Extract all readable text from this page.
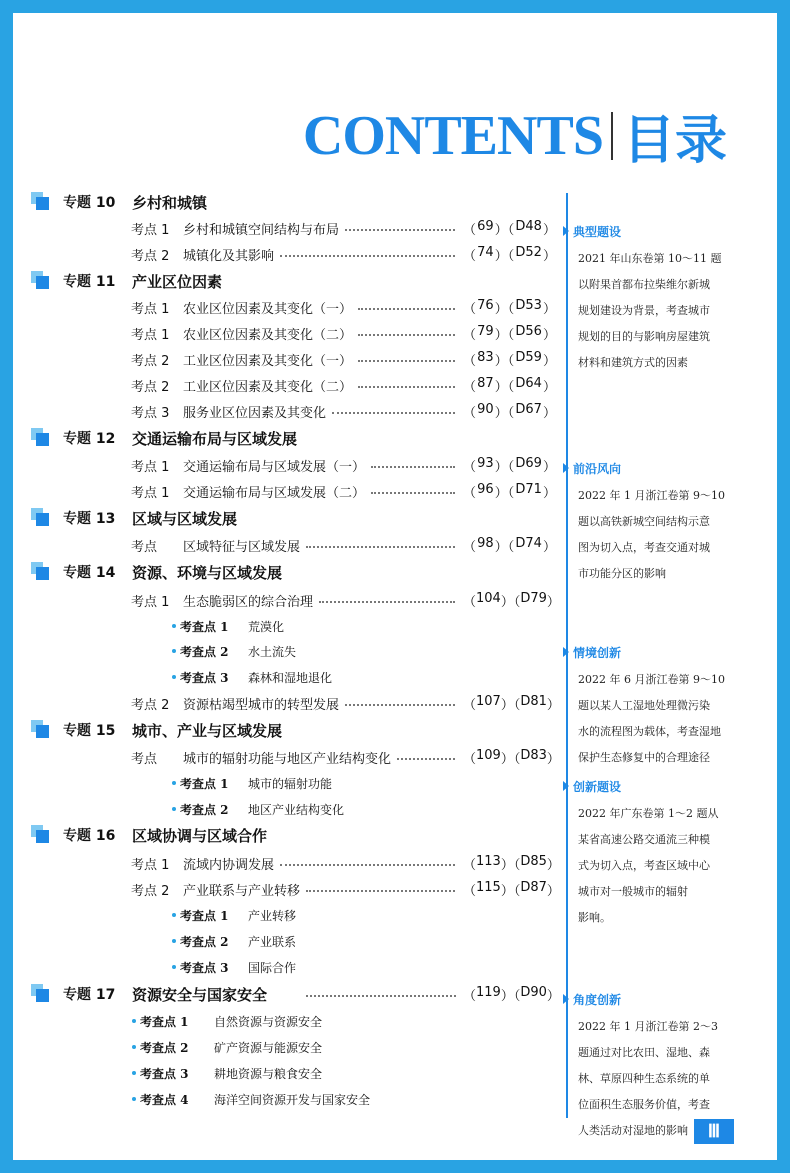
CONTENTS 目录
专题 10 乡村和城镇
考点 1 乡村和城镇空间结构与布局	（ 69 ）（ D48 ）
考点 2 城镇化及其影响	（ 74 ）（ D52 ）
专题 11 产业区位因素
考点 1 农业区位因素及其变化（一）	（ 76 ）（ D53 ）
考点 1 农业区位因素及其变化（二）	（ 79 ）（ D56 ）
考点 2 工业区位因素及其变化（一）	（ 83 ）（ D59 ）
考点 2 工业区位因素及其变化（二）	（ 87 ）（ D64 ）
考点 3 服务业区位因素及其变化	（ 90 ）（ D67 ）
专题 12 交通运输布局与区域发展
考点 1 交通运输布局与区域发展（一）	（ 93 ）（ D69 ）
考点 1 交通运输布局与区域发展（二）	（ 96 ）（ D71 ）
专题 13 区域与区域发展
考点 区域特征与区域发展	（ 98 ）（ D74 ）
专题 14 资源、环境与区域发展
考点 1 生态脆弱区的综合治理	（ 104 ）（ D79 ）
考查点 1 荒漠化
考查点 2 水土流失
考查点 3 森林和湿地退化
考点 2 资源枯竭型城市的转型发展	（ 107 ）（ D81 ）
专题 15 城市、产业与区域发展
考点 城市的辐射功能与地区产业结构变化	（ 109 ）（ D83 ）
考查点 1 城市的辐射功能
考查点 2 地区产业结构变化
专题 16 区域协调与区域合作
考点 1 流域内协调发展	（ 113 ）（ D85 ）
考点 2 产业联系与产业转移	（ 115 ）（ D87 ）
考查点 1 产业转移
考查点 2 产业联系
考查点 3 国际合作
专题 17 资源安全与国家安全	（ 119 ）（ D90 ）
考查点 1 自然资源与资源安全
考查点 2 矿产资源与能源安全
考查点 3 耕地资源与粮食安全
考查点 4 海洋空间资源开发与国家安全
典型题设
2021 年山东卷第 10～11 题
以附果首都布拉柴维尔新城
规划建设为背景，考查城市
规划的目的与影响房屋建筑
材料和建筑方式的因素
前沿风向
2022 年 1 月浙江卷第 9～10
题以高铁新城空间结构示意
图为切入点，考查交通对城
市功能分区的影响
情境创新
2022 年 6 月浙江卷第 9～10
题以某人工湿地处理微污染
水的流程图为载体，考查湿地
保护生态修复中的合理途径
创新题设
2022 年广东卷第 1～2 题从
某省高速公路交通流三种模
式为切入点，考查区域中心
城市对一般城市的辐射
影响。
角度创新
2022 年 1 月浙江卷第 2～3
题通过对比农田、湿地、森
林、草原四种生态系统的单
位面积生态服务价值，考查
人类活动对湿地的影响	Ⅲ
